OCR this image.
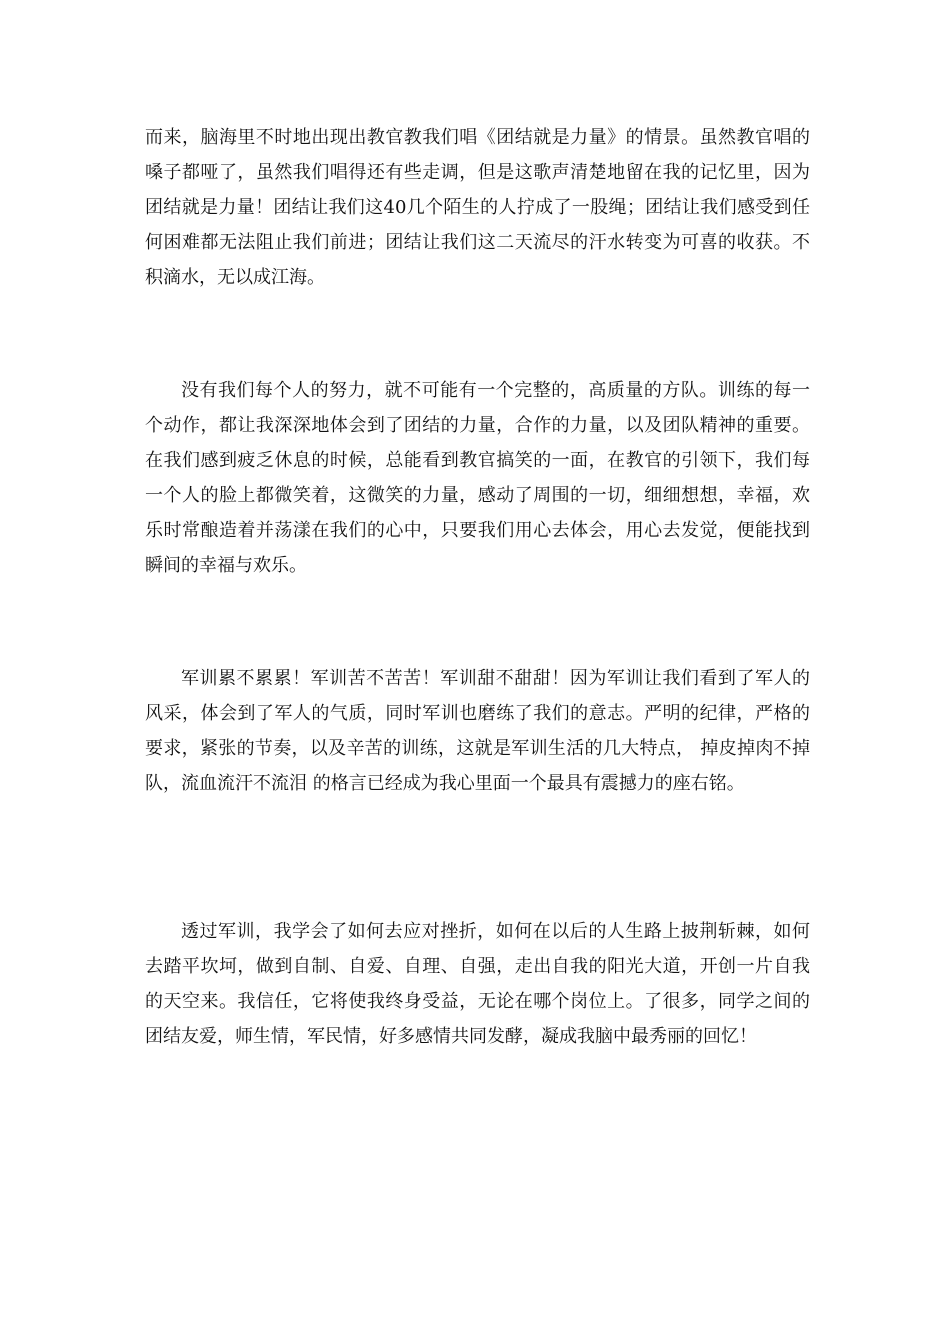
而来，脑海里不时地出现出教官教我们唱《团结就是力量》的情景。虽然教官唱的嗓子都哑了，虽然我们唱得还有些走调，但是这歌声清楚地留在我的记忆里，因为团结就是力量！团结让我们这40几个陌生的人拧成了一股绳；团结让我们感受到任何困难都无法阻止我们前进；团结让我们这二天流尽的汗水转变为可喜的收获。不积滴水，无以成江海。

没有我们每个人的努力，就不可能有一个完整的，高质量的方队。训练的每一个动作，都让我深深地体会到了团结的力量，合作的力量，以及团队精神的重要。在我们感到疲乏休息的时候，总能看到教官搞笑的一面，在教官的引领下，我们每一个人的脸上都微笑着，这微笑的力量，感动了周围的一切，细细想想，幸福，欢乐时常酿造着并荡漾在我们的心中，只要我们用心去体会，用心去发觉，便能找到瞬间的幸福与欢乐。

军训累不累累！军训苦不苦苦！军训甜不甜甜！因为军训让我们看到了军人的风采，体会到了军人的气质，同时军训也磨练了我们的意志。严明的纪律，严格的要求，紧张的节奏，以及辛苦的训练，这就是军训生活的几大特点， 掉皮掉肉不掉队，流血流汗不流泪 的格言已经成为我心里面一个最具有震撼力的座右铭。

透过军训，我学会了如何去应对挫折，如何在以后的人生路上披荆斩棘，如何去踏平坎坷，做到自制、自爱、自理、自强，走出自我的阳光大道，开创一片自我的天空来。我信任，它将使我终身受益，无论在哪个岗位上。了很多，同学之间的团结友爱，师生情，军民情，好多感情共同发酵，凝成我脑中最秀丽的回忆！
